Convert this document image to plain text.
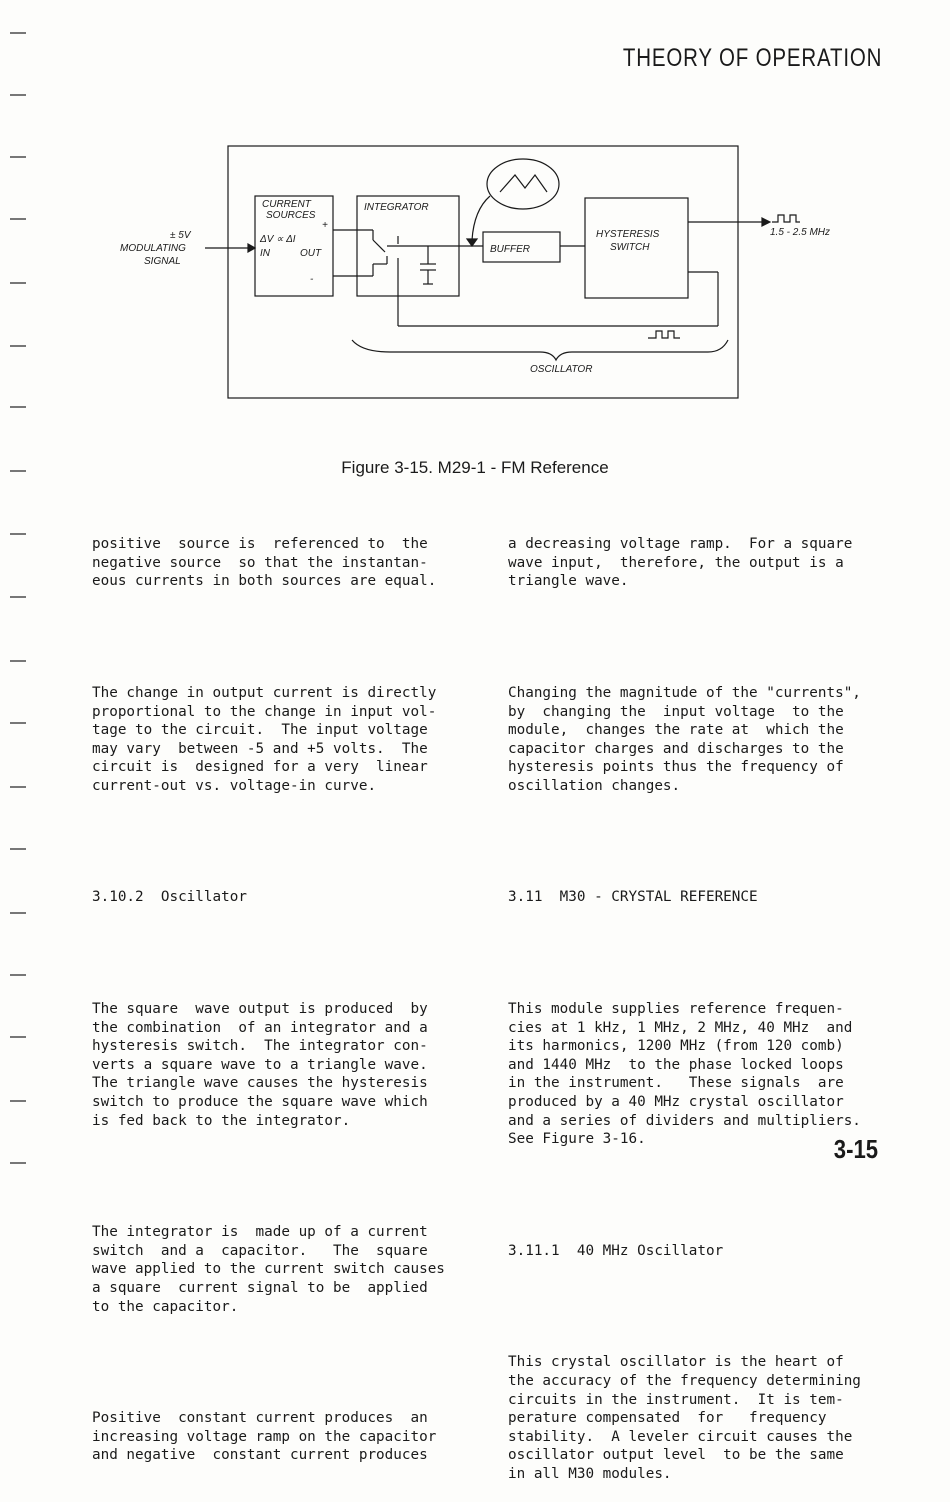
THEORY OF OPERATION
± 5V
MODULATING
SIGNAL
CURRENT
SOURCES
+
-
ΔV ∝ ΔI
IN	OUT
INTEGRATOR
BUFFER
HYSTERESIS
SWITCH
1.5 - 2.5 MHz
OSCILLATOR
Figure 3-15. M29-1 - FM Reference

positive  source is  referenced to  the
negative source  so that the instantan-
eous currents in both sources are equal.

The change in output current is directly
proportional to the change in input vol-
tage to the circuit.  The input voltage
may vary  between -5 and +5 volts.  The
circuit is  designed for a very  linear
current-out vs. voltage-in curve.

3.10.2  Oscillator

The square  wave output is produced  by
the combination  of an integrator and a
hysteresis switch.  The integrator con-
verts a square wave to a triangle wave.
The triangle wave causes the hysteresis
switch to produce the square wave which
is fed back to the integrator.

The integrator is  made up of a current
switch  and a  capacitor.   The  square
wave applied to the current switch causes
a square  current signal to be  applied
to the capacitor.

Positive  constant current produces  an
increasing voltage ramp on the capacitor
and negative  constant current produces

a decreasing voltage ramp.  For a square
wave input,  therefore, the output is a
triangle wave.

Changing the magnitude of the "currents",
by  changing the  input voltage  to the
module,  changes the rate at  which the
capacitor charges and discharges to the
hysteresis points thus the frequency of
oscillation changes.

3.11  M30 - CRYSTAL REFERENCE

This module supplies reference frequen-
cies at 1 kHz, 1 MHz, 2 MHz, 40 MHz  and
its harmonics, 1200 MHz (from 120 comb)
and 1440 MHz  to the phase locked loops
in the instrument.   These signals  are
produced by a 40 MHz crystal oscillator
and a series of dividers and multipliers.
See Figure 3-16.

3.11.1  40 MHz Oscillator

This crystal oscillator is the heart of
the accuracy of the frequency determining
circuits in the instrument.  It is tem-
perature compensated  for   frequency
stability.  A leveler circuit causes the
oscillator output level  to be the same
in all M30 modules.

3-15
